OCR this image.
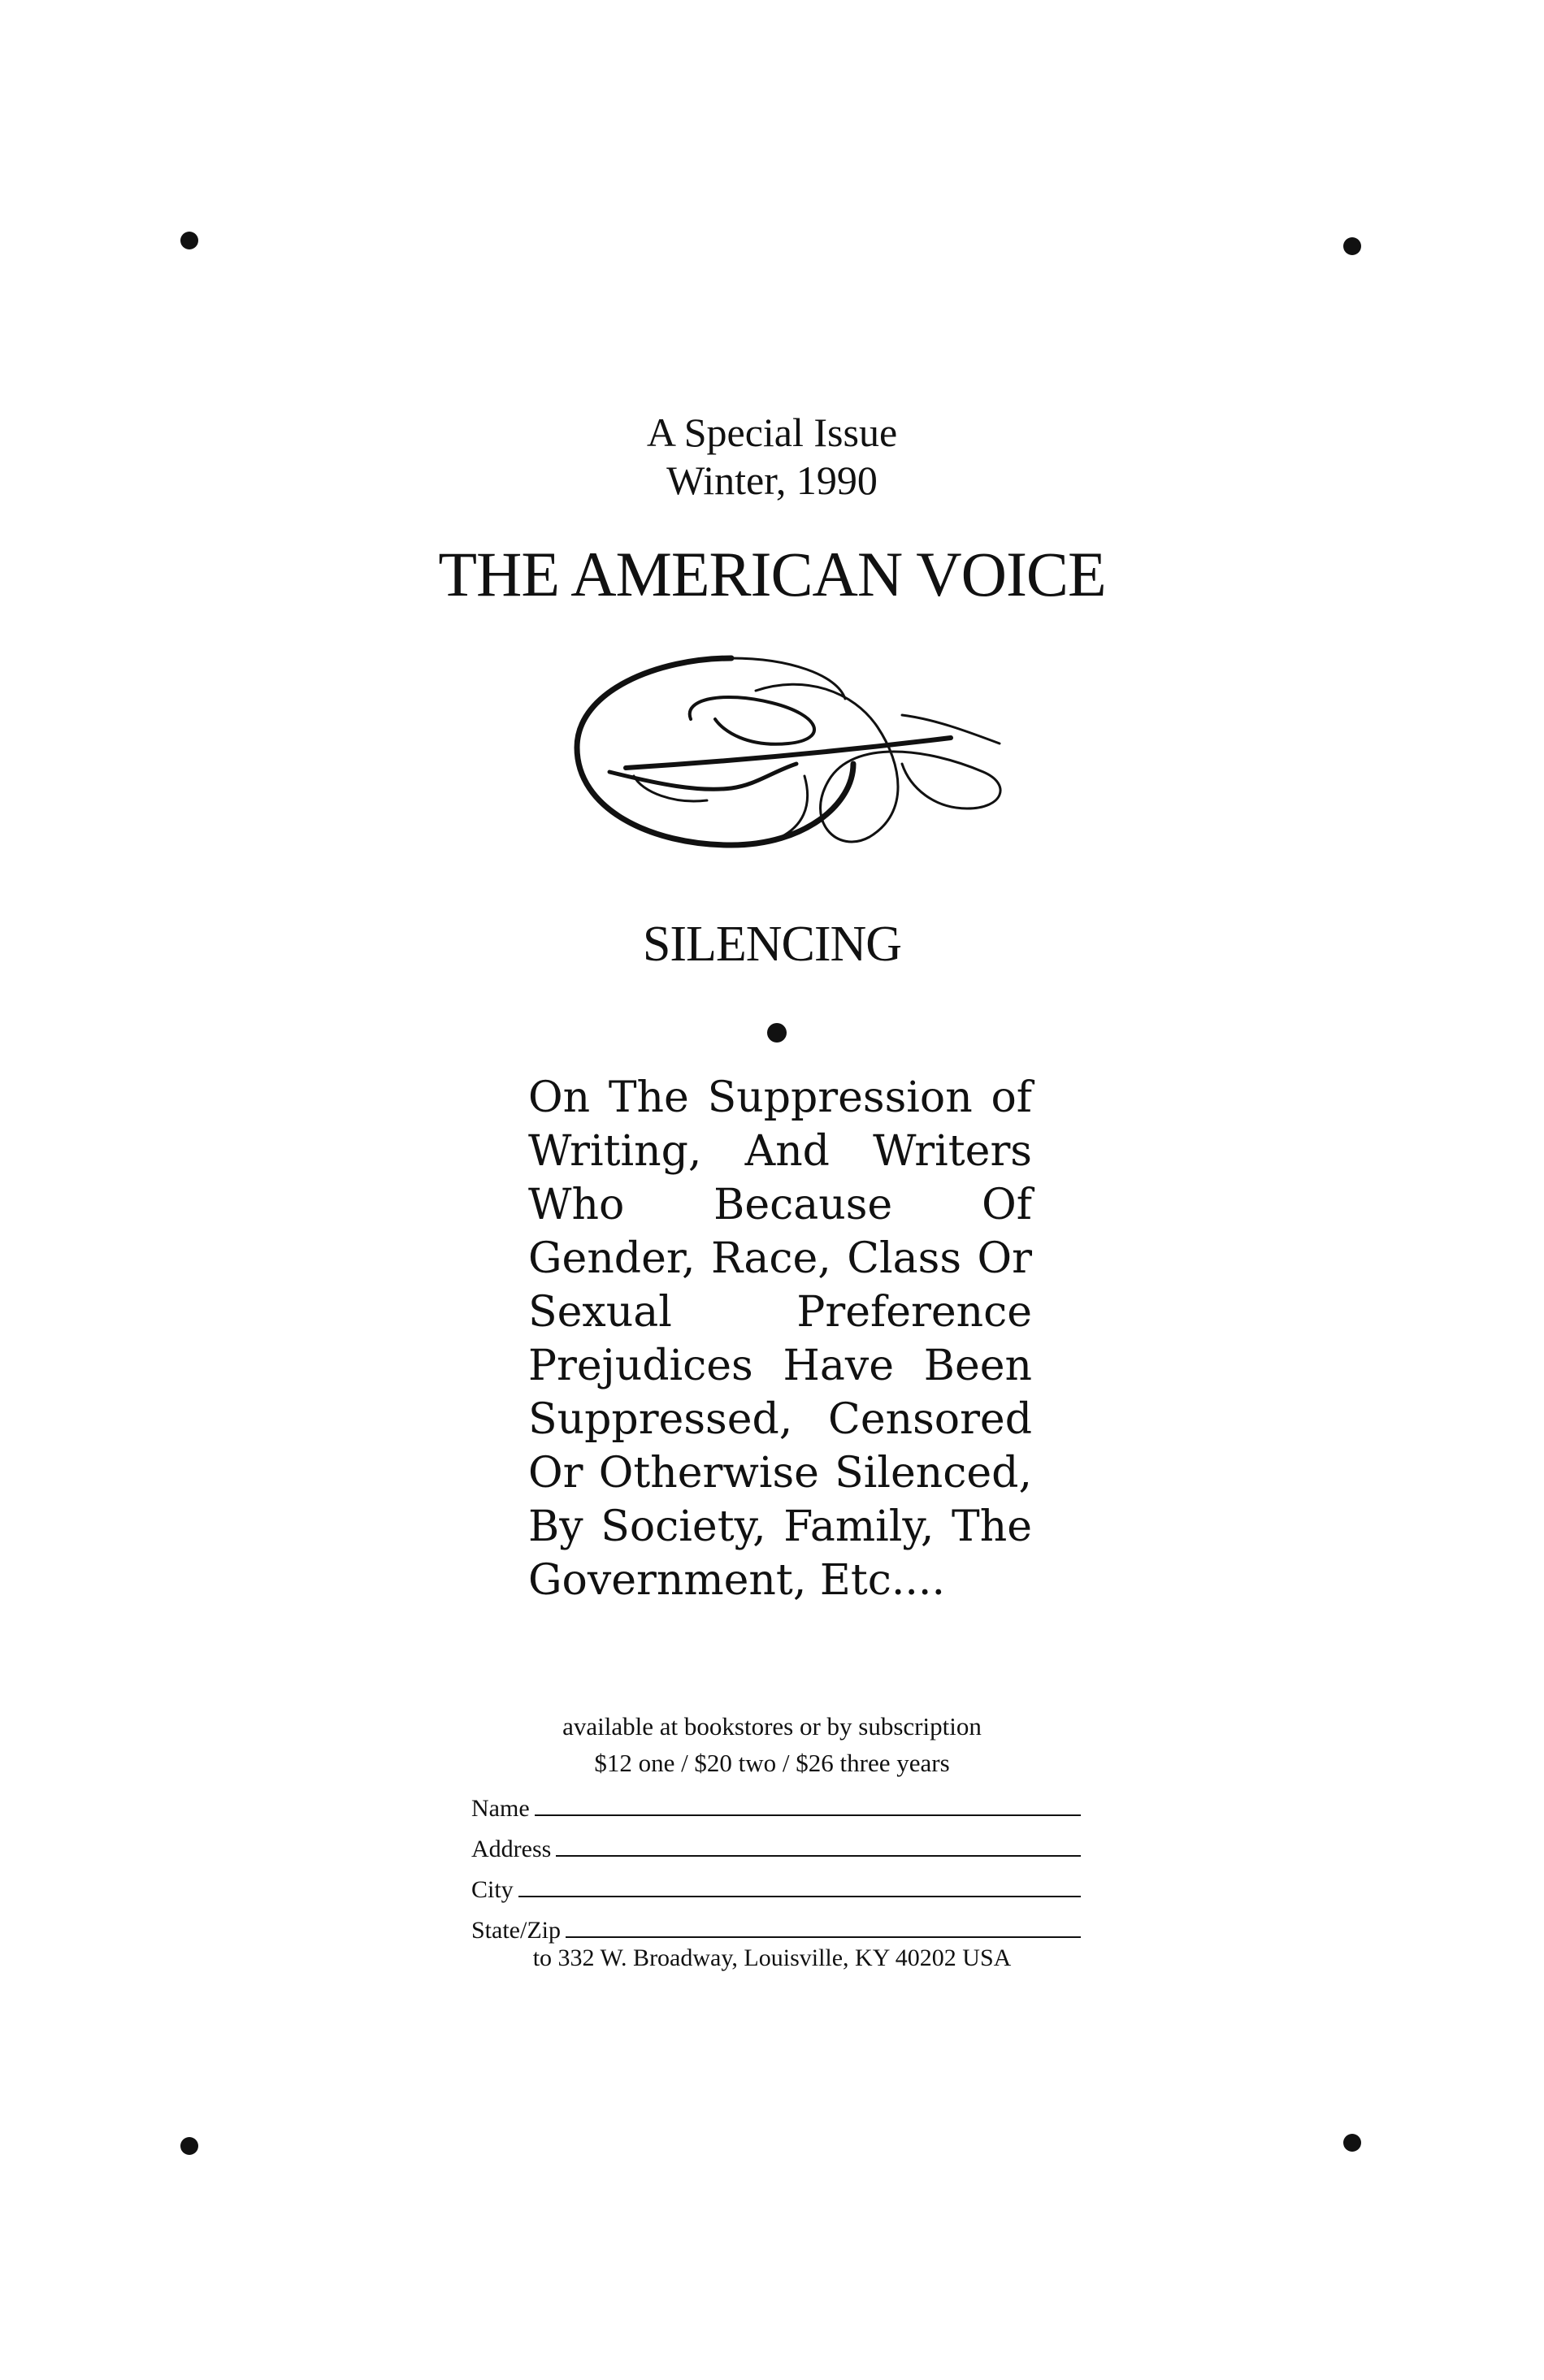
A Special Issue
Winter, 1990
THE AMERICAN VOICE
SILENCING
On The Suppression of Writing, And Writers Who Because Of Gender, Race, Class Or Sexual Preference Prejudices Have Been Suppressed, Censored Or Otherwise Silenced, By Society, Family, The Government, Etc....
available at bookstores or by subscription
$12 one / $20 two / $26 three years
Name
Address
City
State/Zip
to 332 W. Broadway, Louisville, KY 40202 USA
